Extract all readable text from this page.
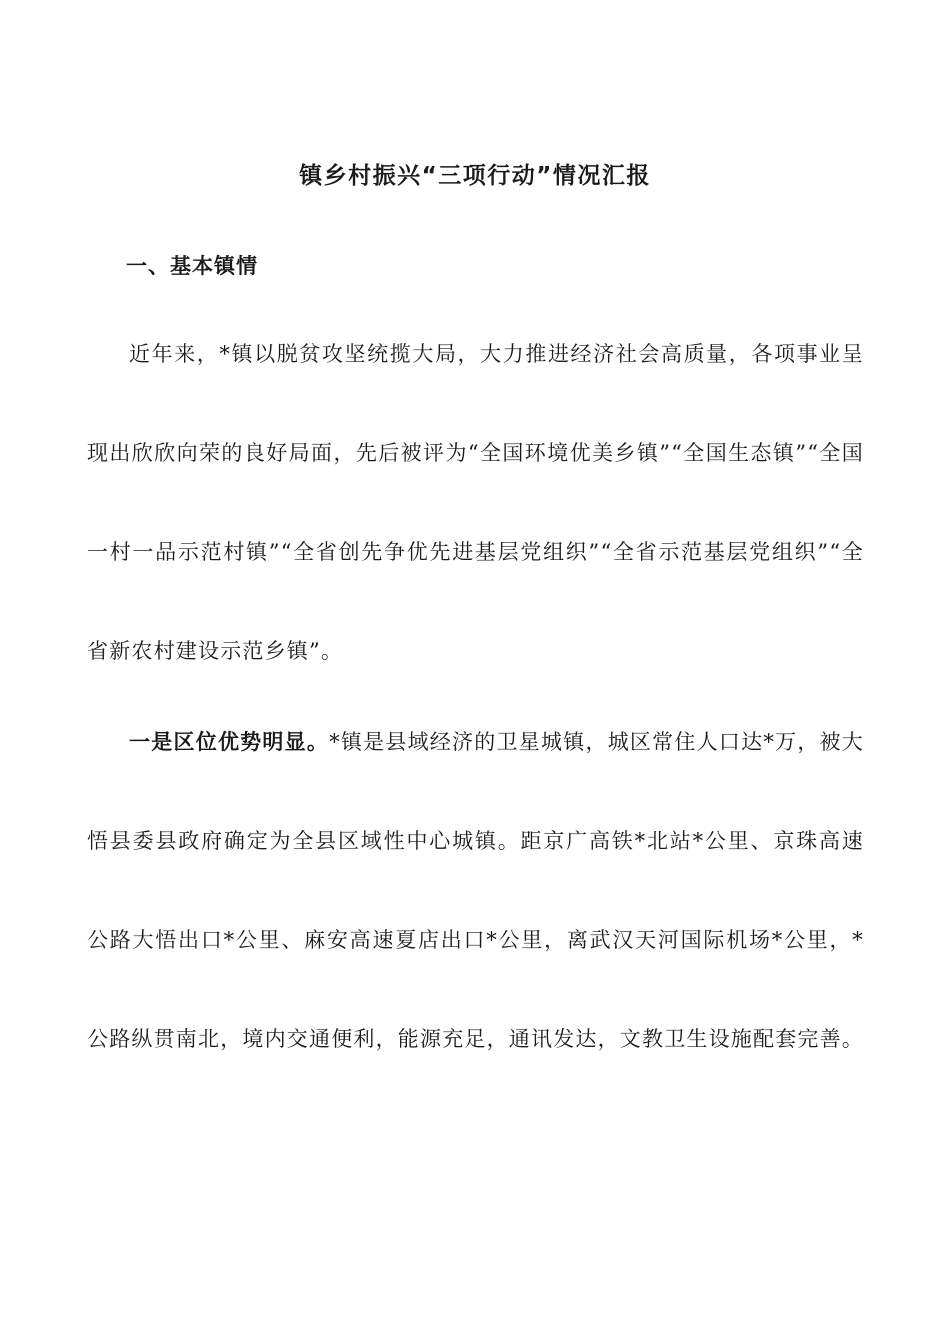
镇乡村振兴“三项行动”情况汇报
一、基本镇情

近年来，*镇以脱贫攻坚统揽大局，大力推进经济社会高质量，各项事业呈现出欣欣向荣的良好局面，先后被评为“全国环境优美乡镇”“全国生态镇”“全国一村一品示范村镇”“全省创先争优先进基层党组织”“全省示范基层党组织”“全省新农村建设示范乡镇”。

一是区位优势明显。*镇是县域经济的卫星城镇，城区常住人口达*万，被大悟县委县政府确定为全县区域性中心城镇。距京广高铁*北站*公里、京珠高速公路大悟出口*公里、麻安高速夏店出口*公里，离武汉天河国际机场*公里，*公路纵贯南北，境内交通便利，能源充足，通讯发达，文教卫生设施配套完善。
